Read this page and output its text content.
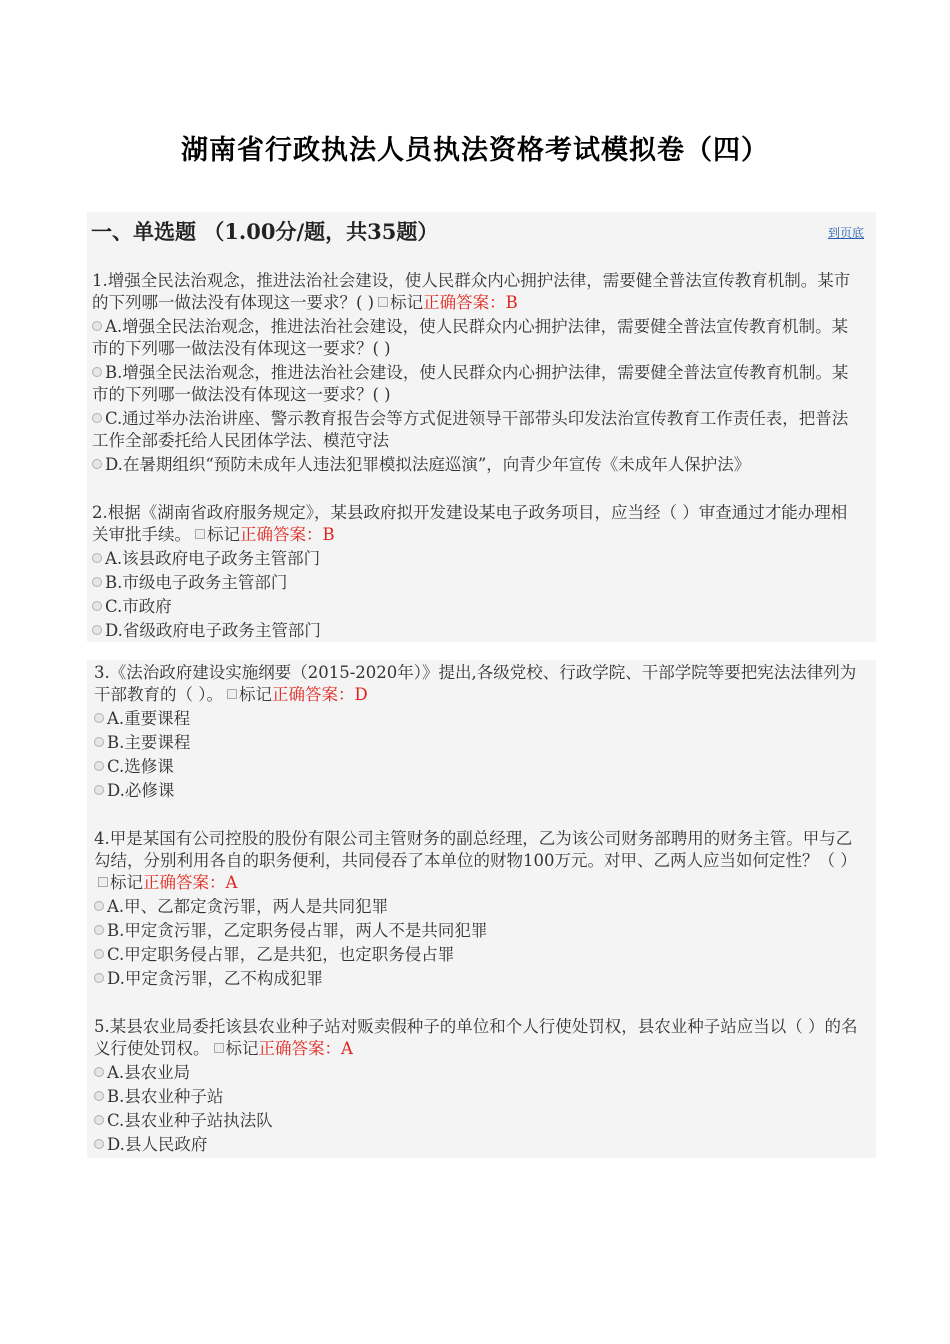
湖南省行政执法人员执法资格考试模拟卷（四）
一、单选题 （1.00分/题，共35题）	到页底

1.增强全民法治观念，推进法治社会建设，使人民群众内心拥护法律，需要健全普法宣传教育机制。某市的下列哪一做法没有体现这一要求？( ) 标记正确答案：B

A.增强全民法治观念，推进法治社会建设，使人民群众内心拥护法律，需要健全普法宣传教育机制。某市的下列哪一做法没有体现这一要求？( )
B.增强全民法治观念，推进法治社会建设，使人民群众内心拥护法律，需要健全普法宣传教育机制。某市的下列哪一做法没有体现这一要求？( )
C.通过举办法治讲座、警示教育报告会等方式促进领导干部带头印发法治宣传教育工作责任表，把普法工作全部委托给人民团体学法、模范守法
D.在暑期组织“预防未成年人违法犯罪模拟法庭巡演”，向青少年宣传《未成年人保护法》

2.根据《湖南省政府服务规定》，某县政府拟开发建设某电子政务项目，应当经（ ）审查通过才能办理相关审批手续。 标记正确答案：B

A.该县政府电子政务主管部门
B.市级电子政务主管部门
C.市政府
D.省级政府电子政务主管部门

3.《法治政府建设实施纲要（2015-2020年）》提出,各级党校、行政学院、干部学院等要把宪法法律列为干部教育的（ ）。 标记正确答案：D

A.重要课程
B.主要课程
C.选修课
D.必修课

4.甲是某国有公司控股的股份有限公司主管财务的副总经理，乙为该公司财务部聘用的财务主管。甲与乙勾结，分别利用各自的职务便利，共同侵吞了本单位的财物100万元。对甲、乙两人应当如何定性？（ ）标记正确答案：A

A.甲、乙都定贪污罪，两人是共同犯罪
B.甲定贪污罪，乙定职务侵占罪，两人不是共同犯罪
C.甲定职务侵占罪，乙是共犯，也定职务侵占罪
D.甲定贪污罪，乙不构成犯罪

5.某县农业局委托该县农业种子站对贩卖假种子的单位和个人行使处罚权，县农业种子站应当以（ ）的名义行使处罚权。 标记正确答案：A

A.县农业局
B.县农业种子站
C.县农业种子站执法队
D.县人民政府
